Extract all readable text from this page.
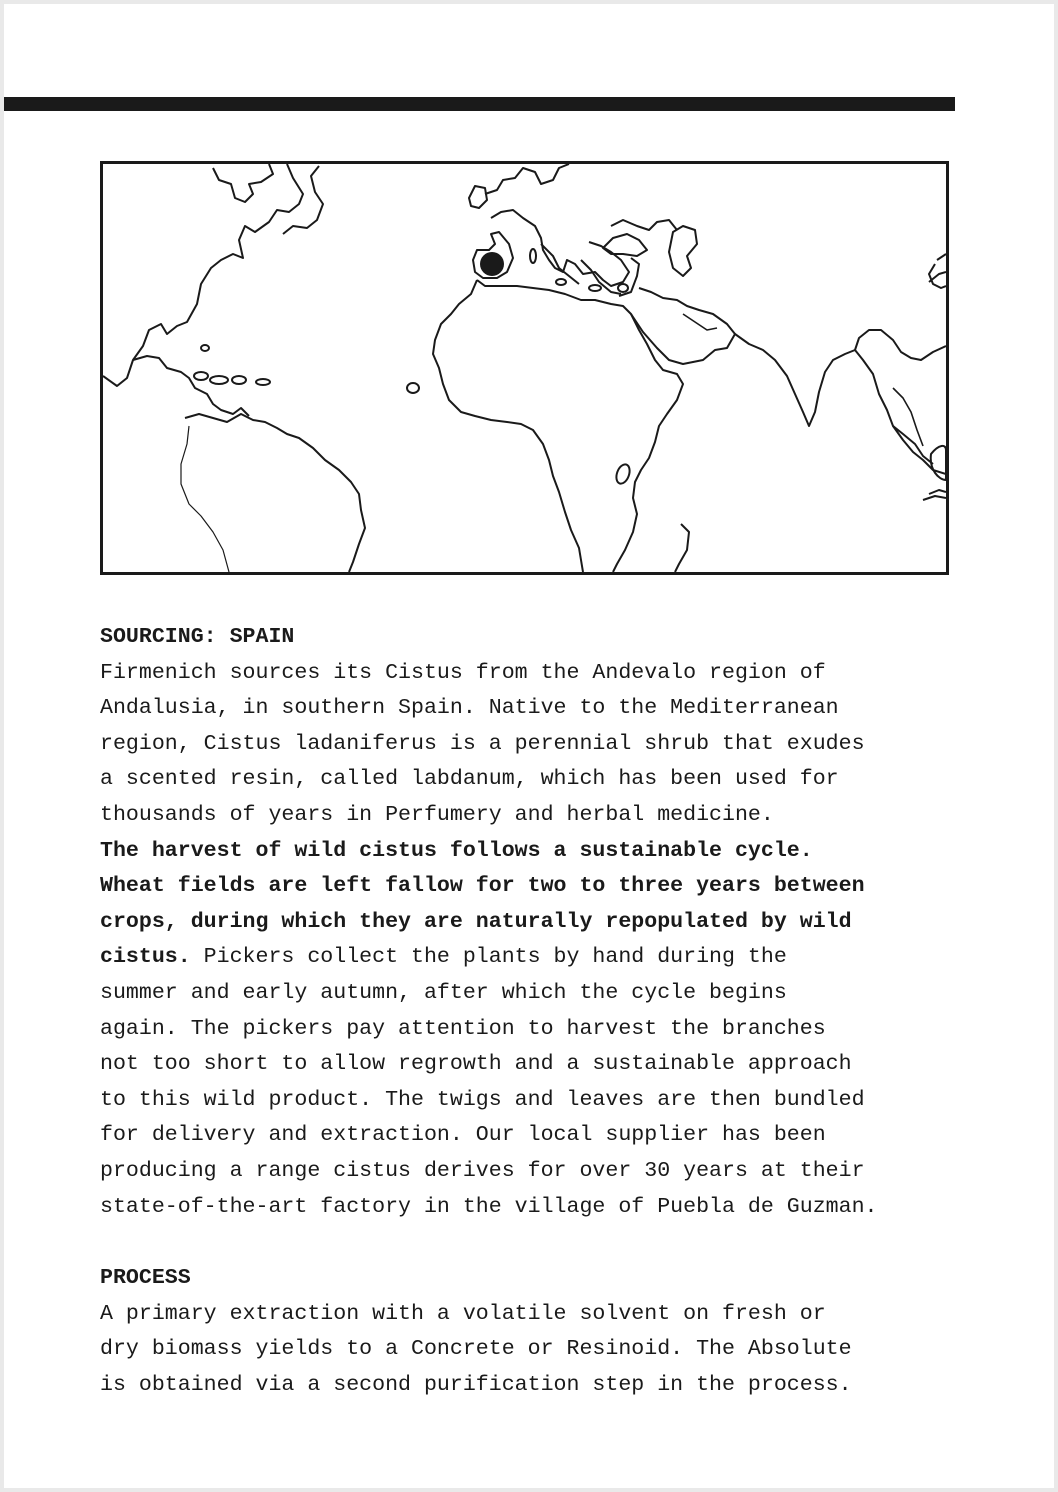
SOURCING: SPAIN
Firmenich sources its Cistus from the Andevalo region of
Andalusia, in southern Spain. Native to the Mediterranean
region, Cistus ladaniferus is a perennial shrub that exudes
a scented resin, called labdanum, which has been used for
thousands of years in Perfumery and herbal medicine.
The harvest of wild cistus follows a sustainable cycle.
Wheat fields are left fallow for two to three years between
crops, during which they are naturally repopulated by wild
cistus. Pickers collect the plants by hand during the
summer and early autumn, after which the cycle begins
again. The pickers pay attention to harvest the branches
not too short to allow regrowth and a sustainable approach
to this wild product. The twigs and leaves are then bundled
for delivery and extraction. Our local supplier has been
producing a range cistus derives for over 30 years at their
state-of-the-art factory in the village of Puebla de Guzman.
PROCESS
A primary extraction with a volatile solvent on fresh or
dry biomass yields to a Concrete or Resinoid. The Absolute
is obtained via a second purification step in the process.
